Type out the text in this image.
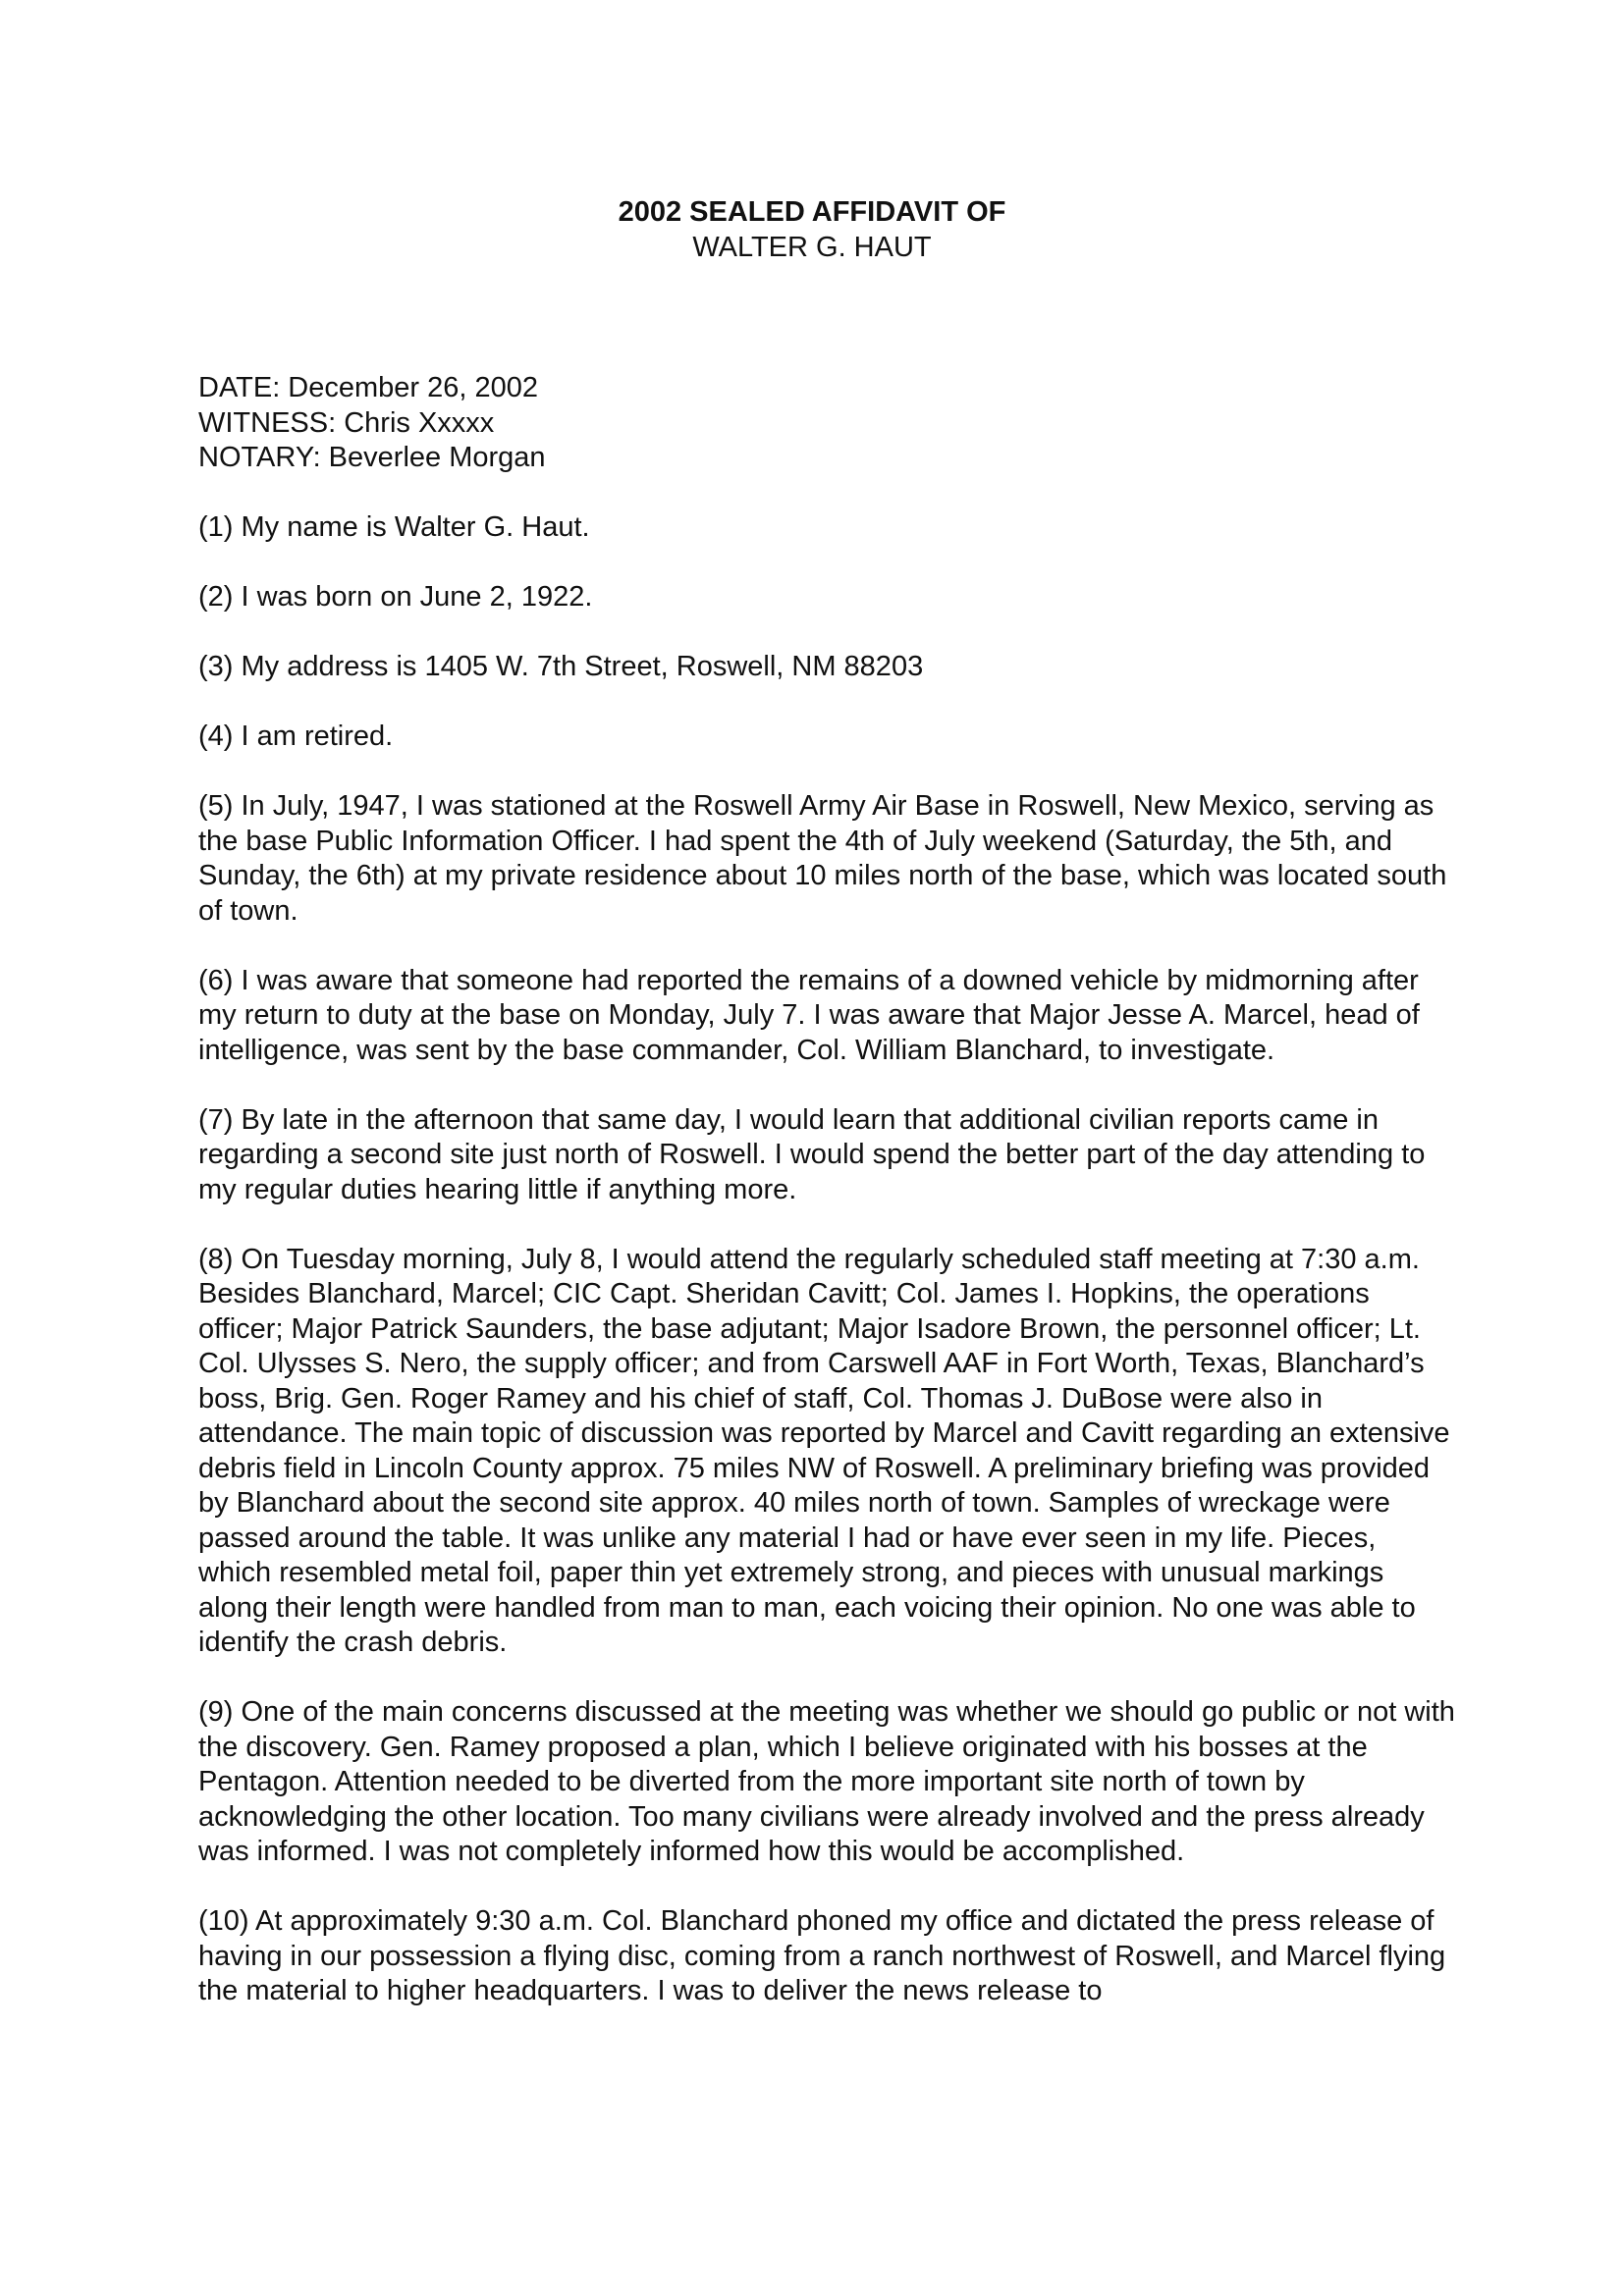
2002 SEALED AFFIDAVIT OF
WALTER G. HAUT
DATE: December 26, 2002
WITNESS: Chris Xxxxx
NOTARY: Beverlee Morgan

(1) My name is Walter G. Haut.

(2) I was born on June 2, 1922.

(3) My address is 1405 W. 7th Street, Roswell, NM 88203

(4) I am retired.

(5) In July, 1947, I was stationed at the Roswell Army Air Base in Roswell, New Mexico, serving as the base Public Information Officer. I had spent the 4th of July weekend (Saturday, the 5th, and Sunday, the 6th) at my private residence about 10 miles north of the base, which was located south of town.

(6) I was aware that someone had reported the remains of a downed vehicle by midmorning after my return to duty at the base on Monday, July 7. I was aware that Major Jesse A. Marcel, head of intelligence, was sent by the base commander, Col. William Blanchard, to investigate.

(7) By late in the afternoon that same day, I would learn that additional civilian reports came in regarding a second site just north of Roswell. I would spend the better part of the day attending to my regular duties hearing little if anything more.

(8) On Tuesday morning, July 8, I would attend the regularly scheduled staff meeting at 7:30 a.m. Besides Blanchard, Marcel; CIC Capt. Sheridan Cavitt; Col. James I. Hopkins, the operations officer; Major Patrick Saunders, the base adjutant; Major Isadore Brown, the personnel officer; Lt. Col. Ulysses S. Nero, the supply officer; and from Carswell AAF in Fort Worth, Texas, Blanchard’s boss, Brig. Gen. Roger Ramey and his chief of staff, Col. Thomas J. DuBose were also in attendance. The main topic of discussion was reported by Marcel and Cavitt regarding an extensive debris field in Lincoln County approx. 75 miles NW of Roswell. A preliminary briefing was provided by Blanchard about the second site approx. 40 miles north of town. Samples of wreckage were passed around the table. It was unlike any material I had or have ever seen in my life. Pieces, which resembled metal foil, paper thin yet extremely strong, and pieces with unusual markings along their length were handled from man to man, each voicing their opinion. No one was able to identify the crash debris.

(9) One of the main concerns discussed at the meeting was whether we should go public or not with the discovery. Gen. Ramey proposed a plan, which I believe originated with his bosses at the Pentagon. Attention needed to be diverted from the more important site north of town by acknowledging the other location. Too many civilians were already involved and the press already was informed. I was not completely informed how this would be accomplished.

(10) At approximately 9:30 a.m. Col. Blanchard phoned my office and dictated the press release of having in our possession a flying disc, coming from a ranch northwest of Roswell, and Marcel flying the material to higher headquarters. I was to deliver the news release to
